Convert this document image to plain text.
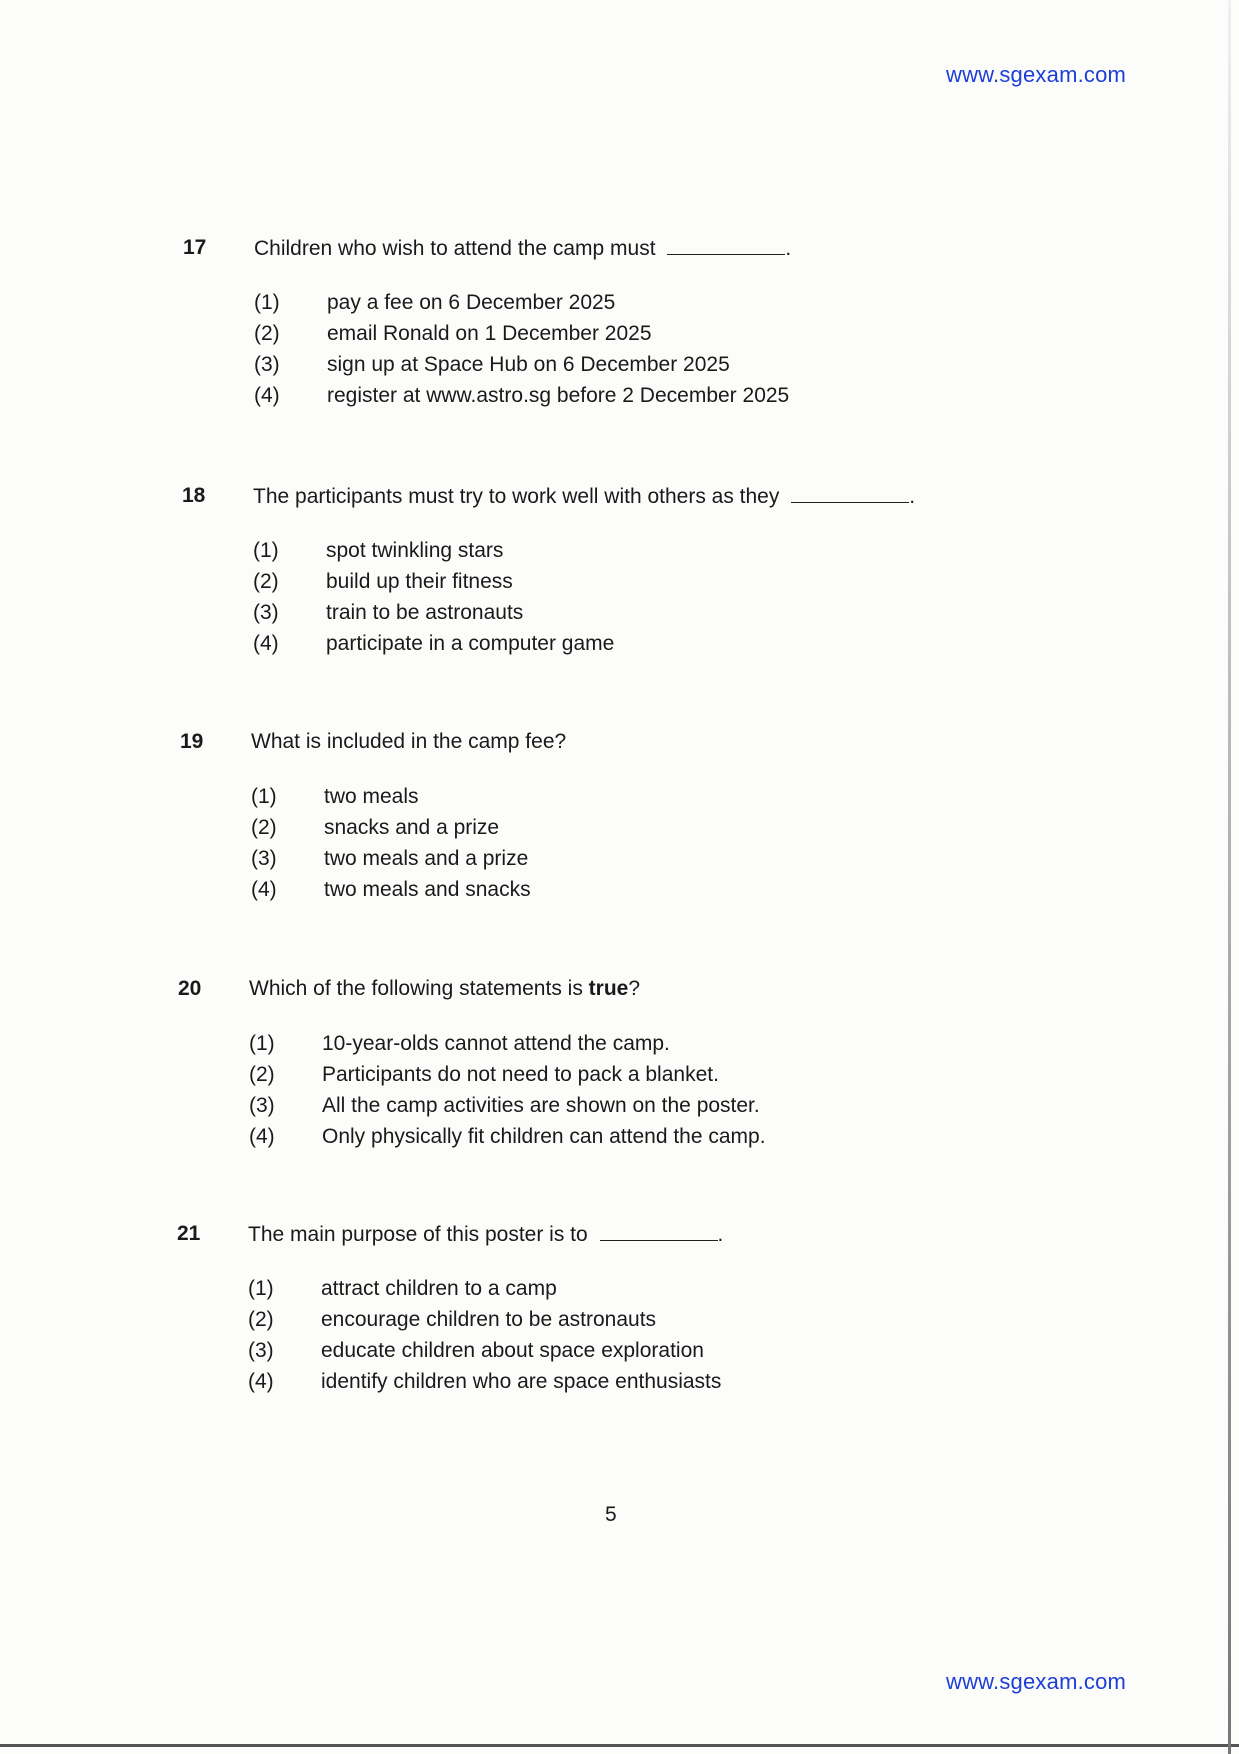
www.sgexam.com
17 Children who wish to attend the camp must	.
(1) pay a fee on 6 December 2025
(2) email Ronald on 1 December 2025
(3) sign up at Space Hub on 6 December 2025
(4) register at www.astro.sg before 2 December 2025
18 The participants must try to work well with others as they	.
(1) spot twinkling stars
(2) build up their fitness
(3) train to be astronauts
(4) participate in a computer game
19 What is included in the camp fee?
(1) two meals
(2) snacks and a prize
(3) two meals and a prize
(4) two meals and snacks
20 Which of the following statements is true?
(1) 10-year-olds cannot attend the camp.
(2) Participants do not need to pack a blanket.
(3) All the camp activities are shown on the poster.
(4) Only physically fit children can attend the camp.
21 The main purpose of this poster is to	.
(1) attract children to a camp
(2) encourage children to be astronauts
(3) educate children about space exploration
(4) identify children who are space enthusiasts
5
www.sgexam.com
